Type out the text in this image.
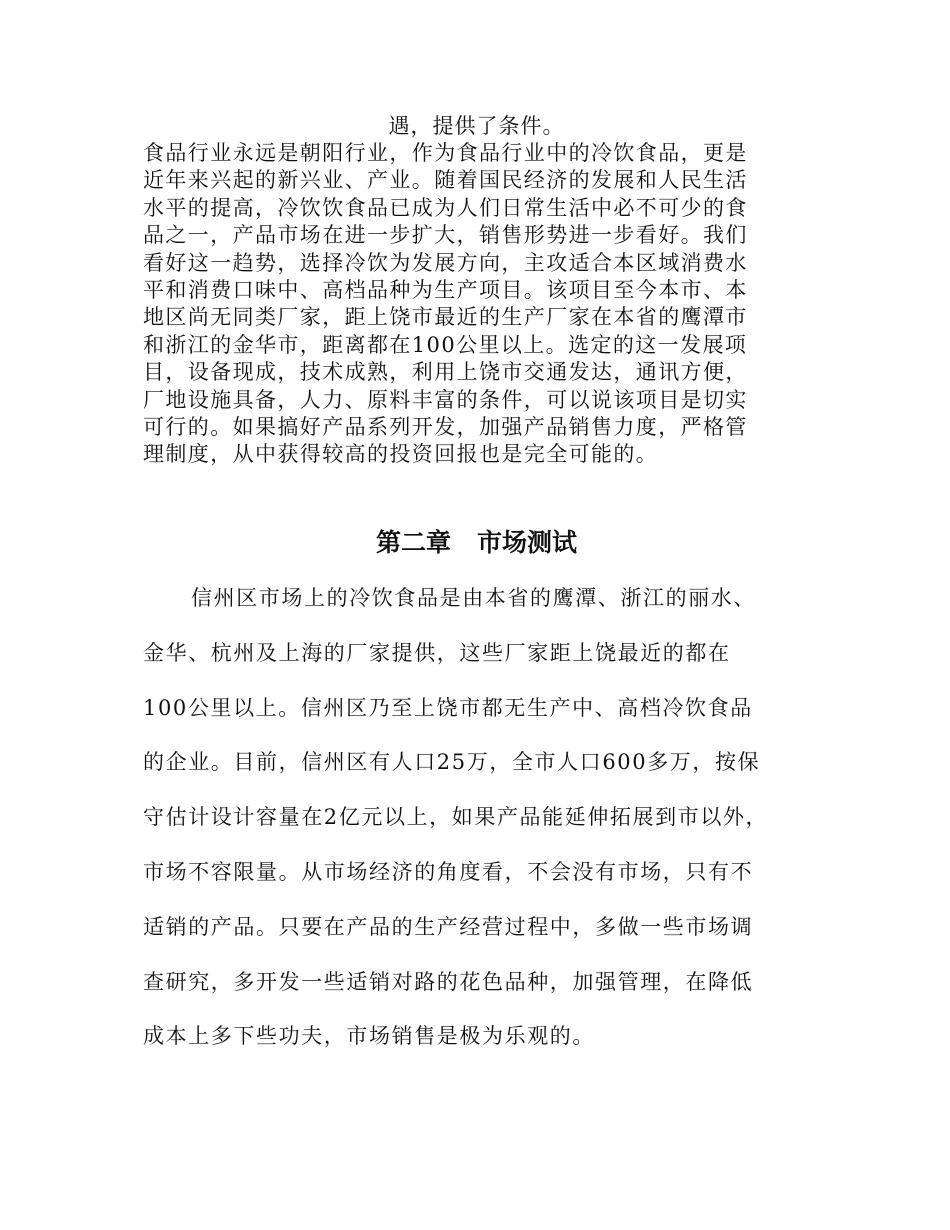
遇，提供了条件。
食品行业永远是朝阳行业，作为食品行业中的冷饮食品，更是
近年来兴起的新兴业、产业。随着国民经济的发展和人民生活
水平的提高，冷饮饮食品已成为人们日常生活中必不可少的食
品之一，产品市场在进一步扩大，销售形势进一步看好。我们
看好这一趋势，选择冷饮为发展方向，主攻适合本区域消费水
平和消费口味中、高档品种为生产项目。该项目至今本市、本
地区尚无同类厂家，距上饶市最近的生产厂家在本省的鹰潭市
和浙江的金华市，距离都在100公里以上。选定的这一发展项
目，设备现成，技术成熟，利用上饶市交通发达，通讯方便，
厂地设施具备，人力、原料丰富的条件，可以说该项目是切实
可行的。如果搞好产品系列开发，加强产品销售力度，严格管
理制度，从中获得较高的投资回报也是完全可能的。
第二章 市场测试
信州区市场上的冷饮食品是由本省的鹰潭、浙江的丽水、
金华、杭州及上海的厂家提供，这些厂家距上饶最近的都在
100公里以上。信州区乃至上饶市都无生产中、高档冷饮食品
的企业。目前，信州区有人口25万，全市人口600多万，按保
守估计设计容量在2亿元以上，如果产品能延伸拓展到市以外，
市场不容限量。从市场经济的角度看，不会没有市场，只有不
适销的产品。只要在产品的生产经营过程中，多做一些市场调
查研究，多开发一些适销对路的花色品种，加强管理，在降低
成本上多下些功夫，市场销售是极为乐观的。
